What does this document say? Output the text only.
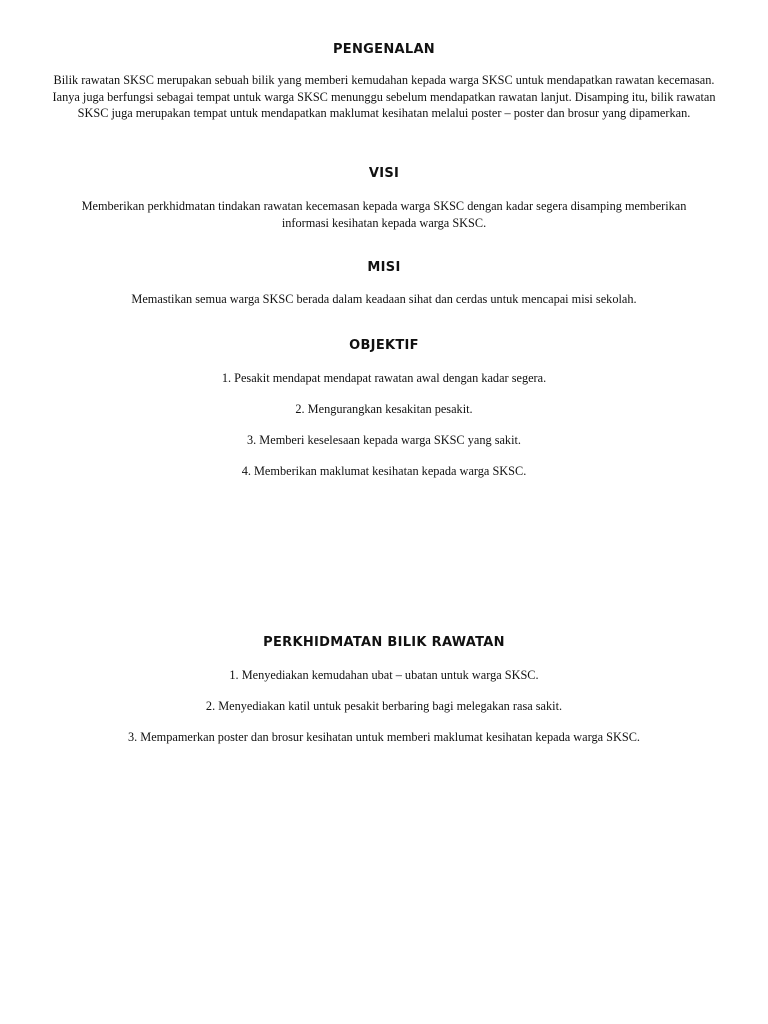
PENGENALAN

Bilik rawatan SKSC merupakan sebuah bilik yang memberi kemudahan kepada warga SKSC untuk mendapatkan rawatan kecemasan. Ianya juga berfungsi sebagai tempat untuk warga SKSC menunggu sebelum mendapatkan rawatan lanjut. Disamping itu, bilik rawatan SKSC juga merupakan tempat untuk mendapatkan maklumat kesihatan melalui poster – poster dan brosur yang dipamerkan.

VISI

Memberikan perkhidmatan tindakan rawatan kecemasan kepada warga SKSC dengan kadar segera disamping memberikan informasi kesihatan kepada warga SKSC.

MISI

Memastikan semua warga SKSC berada dalam keadaan sihat dan cerdas untuk mencapai misi sekolah.

OBJEKTIF

1. Pesakit mendapat mendapat rawatan awal dengan kadar segera.

2. Mengurangkan kesakitan pesakit.

3. Memberi keselesaan kepada warga SKSC yang sakit.

4. Memberikan maklumat kesihatan kepada warga SKSC.

PERKHIDMATAN BILIK RAWATAN

1. Menyediakan kemudahan ubat – ubatan untuk warga SKSC.

2. Menyediakan katil untuk pesakit berbaring bagi melegakan rasa sakit.

3. Mempamerkan poster dan brosur kesihatan untuk memberi maklumat kesihatan kepada warga SKSC.
